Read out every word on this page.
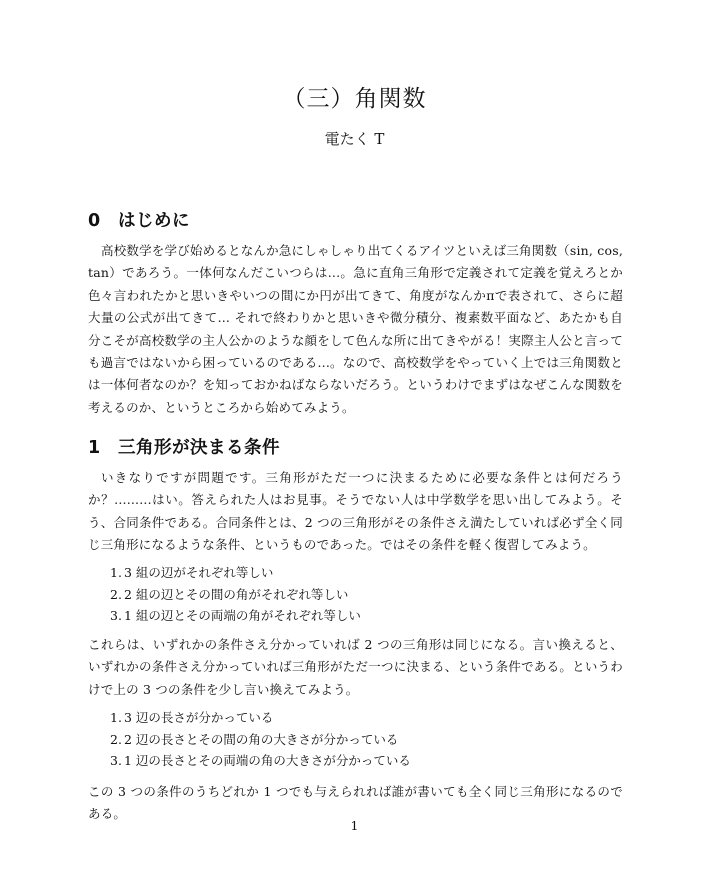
（三）角関数
電たく T
0 はじめに
高校数学を学び始めるとなんか急にしゃしゃり出てくるアイツといえば三角関数（sin, cos, tan）であろう。一体何なんだこいつらは...。急に直角三角形で定義されて定義を覚えろとか色々言われたかと思いきやいつの間にか円が出てきて、角度がなんかπで表されて、さらに超大量の公式が出てきて... それで終わりかと思いきや微分積分、複素数平面など、あたかも自分こそが高校数学の主人公かのような顔をして色んな所に出てきやがる！実際主人公と言っても過言ではないから困っているのである...。なので、高校数学をやっていく上では三角関数とは一体何者なのか？を知っておかねばならないだろう。というわけでまずはなぜこんな関数を考えるのか、というところから始めてみよう。
1 三角形が決まる条件
いきなりですが問題です。三角形がただ一つに決まるために必要な条件とは何だろうか？.........はい。答えられた人はお見事。そうでない人は中学数学を思い出してみよう。そう、合同条件である。合同条件とは、2 つの三角形がその条件さえ満たしていれば必ず全く同じ三角形になるような条件、というものであった。ではその条件を軽く復習してみよう。
1. 3 組の辺がそれぞれ等しい
2. 2 組の辺とその間の角がそれぞれ等しい
3. 1 組の辺とその両端の角がそれぞれ等しい
これらは、いずれかの条件さえ分かっていれば 2 つの三角形は同じになる。言い換えると、いずれかの条件さえ分かっていれば三角形がただ一つに決まる、という条件である。というわけで上の 3 つの条件を少し言い換えてみよう。
1. 3 辺の長さが分かっている
2. 2 辺の長さとその間の角の大きさが分かっている
3. 1 辺の長さとその両端の角の大きさが分かっている
この 3 つの条件のうちどれか 1 つでも与えられれば誰が書いても全く同じ三角形になるのである。
1
